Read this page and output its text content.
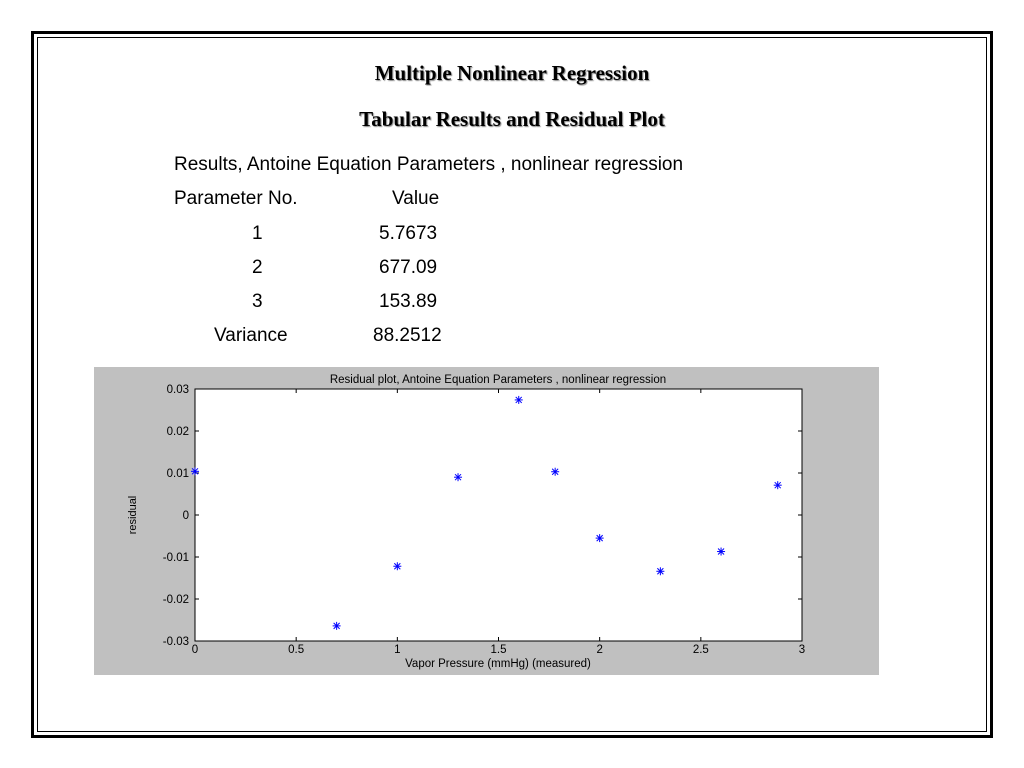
Multiple Nonlinear Regression
Tabular Results and Residual Plot
Results, Antoine Equation Parameters , nonlinear regression
Parameter No.	Value
1	5.7673
2	677.09
3	153.89
Variance	88.2512
Residual plot, Antoine Equation Parameters , nonlinear regression
Vapor Pressure (mmHg) (measured)
residual
0	0.5	1	1.5	2	2.5	3
0.03
0.02
0.01
0
-0.01
-0.02
-0.03
